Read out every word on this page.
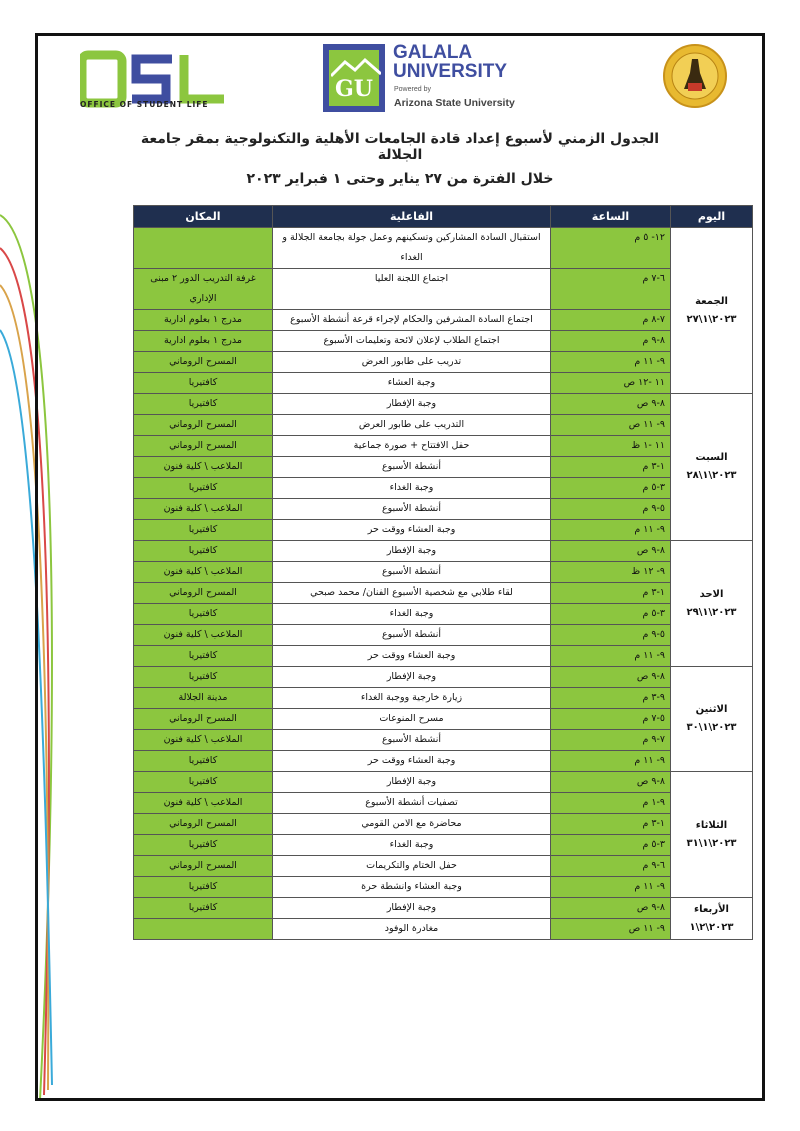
OFFICE OF STUDENT LIFE
GU
GALALA
UNIVERSITY
Powered by
Arizona State University
الجدول الزمني لأسبوع إعداد قادة الجامعات الأهلية والتكنولوجية بمقر جامعة الجلالة
خلال الفترة من ٢٧ يناير وحتى ١ فبراير ٢٠٢٣
اليوم	الساعة	الفاعلية	المكان

الجمعة
٢٠٢٣\١\٢٧	١٢- ٥ م	استقبال السادة المشاركين وتسكينهم وعمل جولة بجامعة الجلالة و الغداء	
	٦-٧ م	اجتماع اللجنة العليا	غرفة التدريب الدور ٢ مبنى الإداري
	٧-٨ م	اجتماع السادة المشرفين والحكام لإجراء قرعة أنشطة الأسبوع	مدرج ١ بعلوم ادارية
	٨-٩ م	اجتماع الطلاب لإعلان لائحة وتعليمات الأسبوع	مدرج ١ بعلوم ادارية
	٩- ١١ م	تدريب على طابور العرض	المسرح الروماني
	١١ -١٢ ص	وجبة العشاء	كافتيريا

السبت
٢٠٢٣\١\٢٨	٨-٩ ص	وجبة الإفطار	كافتيريا
	٩- ١١ ص	التدريب على طابور العرض	المسرح الروماني
	١١ -١ ظ	حفل الافتتاح + صورة جماعية	المسرح الروماني
	١-٣ م	أنشطة الأسبوع	الملاعب \ كلية فنون
	٣-٥ م	وجبة الغداء	كافتيريا
	٥-٩ م	أنشطة الأسبوع	الملاعب \ كلية فنون
	٩- ١١ م	وجبة العشاء ووقت حر	كافتيريا

الاحد
٢٠٢٣\١\٢٩	٨-٩ ص	وجبة الإفطار	كافتيريا
	٩- ١٢ ظ	أنشطة الأسبوع	الملاعب \ كلية فنون
	١-٣ م	لقاء طلابي مع شخصية الأسبوع الفنان/ محمد صبحي	المسرح الروماني
	٣-٥ م	وجبة الغداء	كافتيريا
	٥-٩ م	أنشطة الأسبوع	الملاعب \ كلية فنون
	٩- ١١ م	وجبة العشاء ووقت حر	كافتيريا

الاثنين
٢٠٢٣\١\٣٠	٨-٩ ص	وجبة الإفطار	كافتيريا
	٩-٣ م	زيارة خارجية ووجبة الغداء	مدينة الجلالة
	٥-٧ م	مسرح المنوعات	المسرح الروماني
	٧-٩ م	أنشطة الأسبوع	الملاعب \ كلية فنون
	٩- ١١ م	وجبة العشاء ووقت حر	كافتيريا

الثلاثاء
٢٠٢٣\١\٣١	٨-٩ ص	وجبة الإفطار	كافتيريا
	٩-١ م	تصفيات أنشطة الأسبوع	الملاعب \ كلية فنون
	١-٣ م	محاضرة مع الامن القومي	المسرح الروماني
	٣-٥ م	وجبة الغداء	كافتيريا
	٦-٩ م	حفل الختام والتكريمات	المسرح الروماني
	٩- ١١ م	وجبة العشاء وانشطة حرة	كافتيريا

الأربعاء
٢٠٢٣\٢\١	٨-٩ ص	وجبة الإفطار	كافتيريا
	٩- ١١ ص	مغادرة الوفود	
